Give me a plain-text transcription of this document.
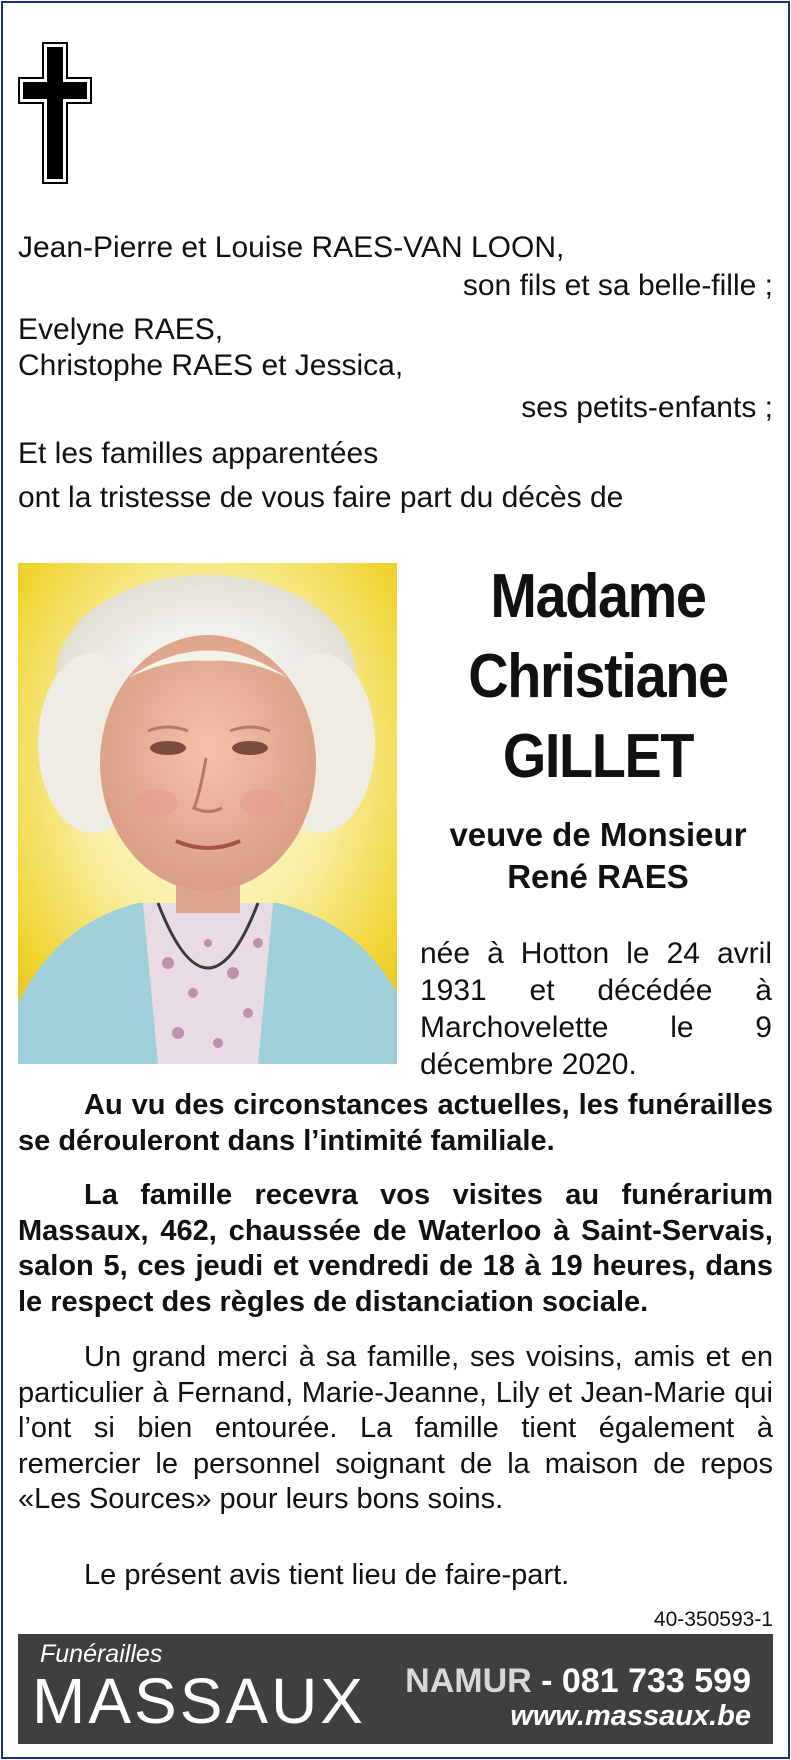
Jean-Pierre et Louise RAES-VAN LOON,
son fils et sa belle-fille ;
Evelyne RAES,
Christophe RAES et Jessica,
ses petits-enfants ;
Et les familles apparentées
ont la tristesse de vous faire part du décès de
Madame
Christiane
GILLET
veuve de Monsieur
René RAES
née à Hotton le 24 avril 1931 et décédée à Marchovelette le 9 décembre 2020.
Au vu des circonstances actuelles, les funérailles se dérouleront dans l’intimité familiale.
La famille recevra vos visites au funérarium Massaux, 462, chaussée de Waterloo à Saint-Servais, salon 5, ces jeudi et vendredi de 18 à 19 heures, dans le respect des règles de distanciation sociale.
Un grand merci à sa famille, ses voisins, amis et en particulier à Fernand, Marie-Jeanne, Lily et Jean-Marie qui l’ont si bien entourée. La famille tient également à remercier le personnel soignant de la maison de repos «Les Sources» pour leurs bons soins.
Le présent avis tient lieu de faire-part.
40-350593-1
Funérailles
MASSAUX NAMUR - 081 733 599
www.massaux.be
